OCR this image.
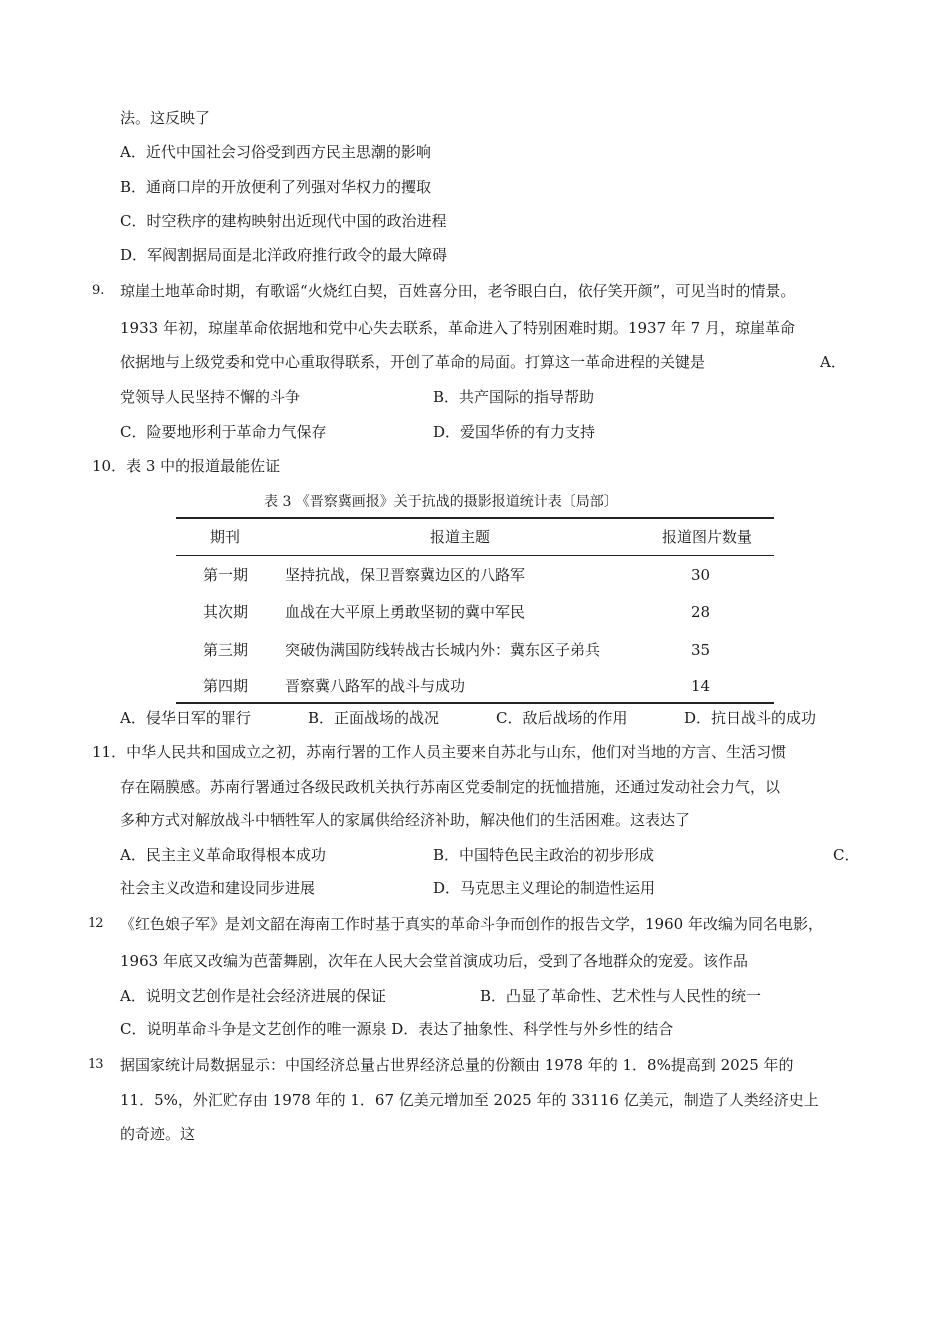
法。这反映了
A．近代中国社会习俗受到西方民主思潮的影响
B．通商口岸的开放便利了列强对华权力的攫取
C．时空秩序的建构映射出近现代中国的政治进程
D．军阀割据局面是北洋政府推行政令的最大障碍
9. 琼崖土地革命时期，有歌谣“火烧红白契，百姓喜分田，老爷眼白白，依仔笑开颜”，可见当时的情景。
1933 年初，琼崖革命依据地和党中心失去联系，革命进入了特别困难时期。1937 年 7 月，琼崖革命
依据地与上级党委和党中心重取得联系，开创了革命的局面。打算这一革命进程的关键是	A．
党领导人民坚持不懈的斗争	B．共产国际的指导帮助
C．险要地形利于革命力气保存	D．爱国华侨的有力支持
10．表 3 中的报道最能佐证
表 3 《晋察冀画报》关于抗战的摄影报道统计表〔局部〕
期刊	报道主题	报道图片数量
第一期 坚持抗战，保卫晋察冀边区的八路军	30
其次期 血战在大平原上勇敢坚韧的冀中军民	28
第三期 突破伪满国防线转战古长城内外：冀东区子弟兵	35
第四期 晋察冀八路军的战斗与成功	14
A．侵华日军的罪行	B．正面战场的战况	C．敌后战场的作用	D．抗日战斗的成功
11．中华人民共和国成立之初，苏南行署的工作人员主要来自苏北与山东，他们对当地的方言、生活习惯
存在隔膜感。苏南行署通过各级民政机关执行苏南区党委制定的抚恤措施，还通过发动社会力气，以
多种方式对解放战斗中牺牲军人的家属供给经济补助，解决他们的生活困难。这表达了
A．民主主义革命取得根本成功	B．中国特色民主政治的初步形成	C．
社会主义改造和建设同步进展	D．马克思主义理论的制造性运用
12 《红色娘子军》是刘文韶在海南工作时基于真实的革命斗争而创作的报告文学，1960 年改编为同名电影，
1963 年底又改编为芭蕾舞剧，次年在人民大会堂首演成功后，受到了各地群众的宠爱。该作品
A．说明文艺创作是社会经济进展的保证	B．凸显了革命性、艺术性与人民性的统一
C．说明革命斗争是文艺创作的唯一源泉 D．表达了抽象性、科学性与外乡性的结合
13 据国家统计局数据显示：中国经济总量占世界经济总量的份额由 1978 年的 1．8%提高到 2025 年的
11．5%，外汇贮存由 1978 年的 1．67 亿美元增加至 2025 年的 33116 亿美元，制造了人类经济史上
的奇迹。这
